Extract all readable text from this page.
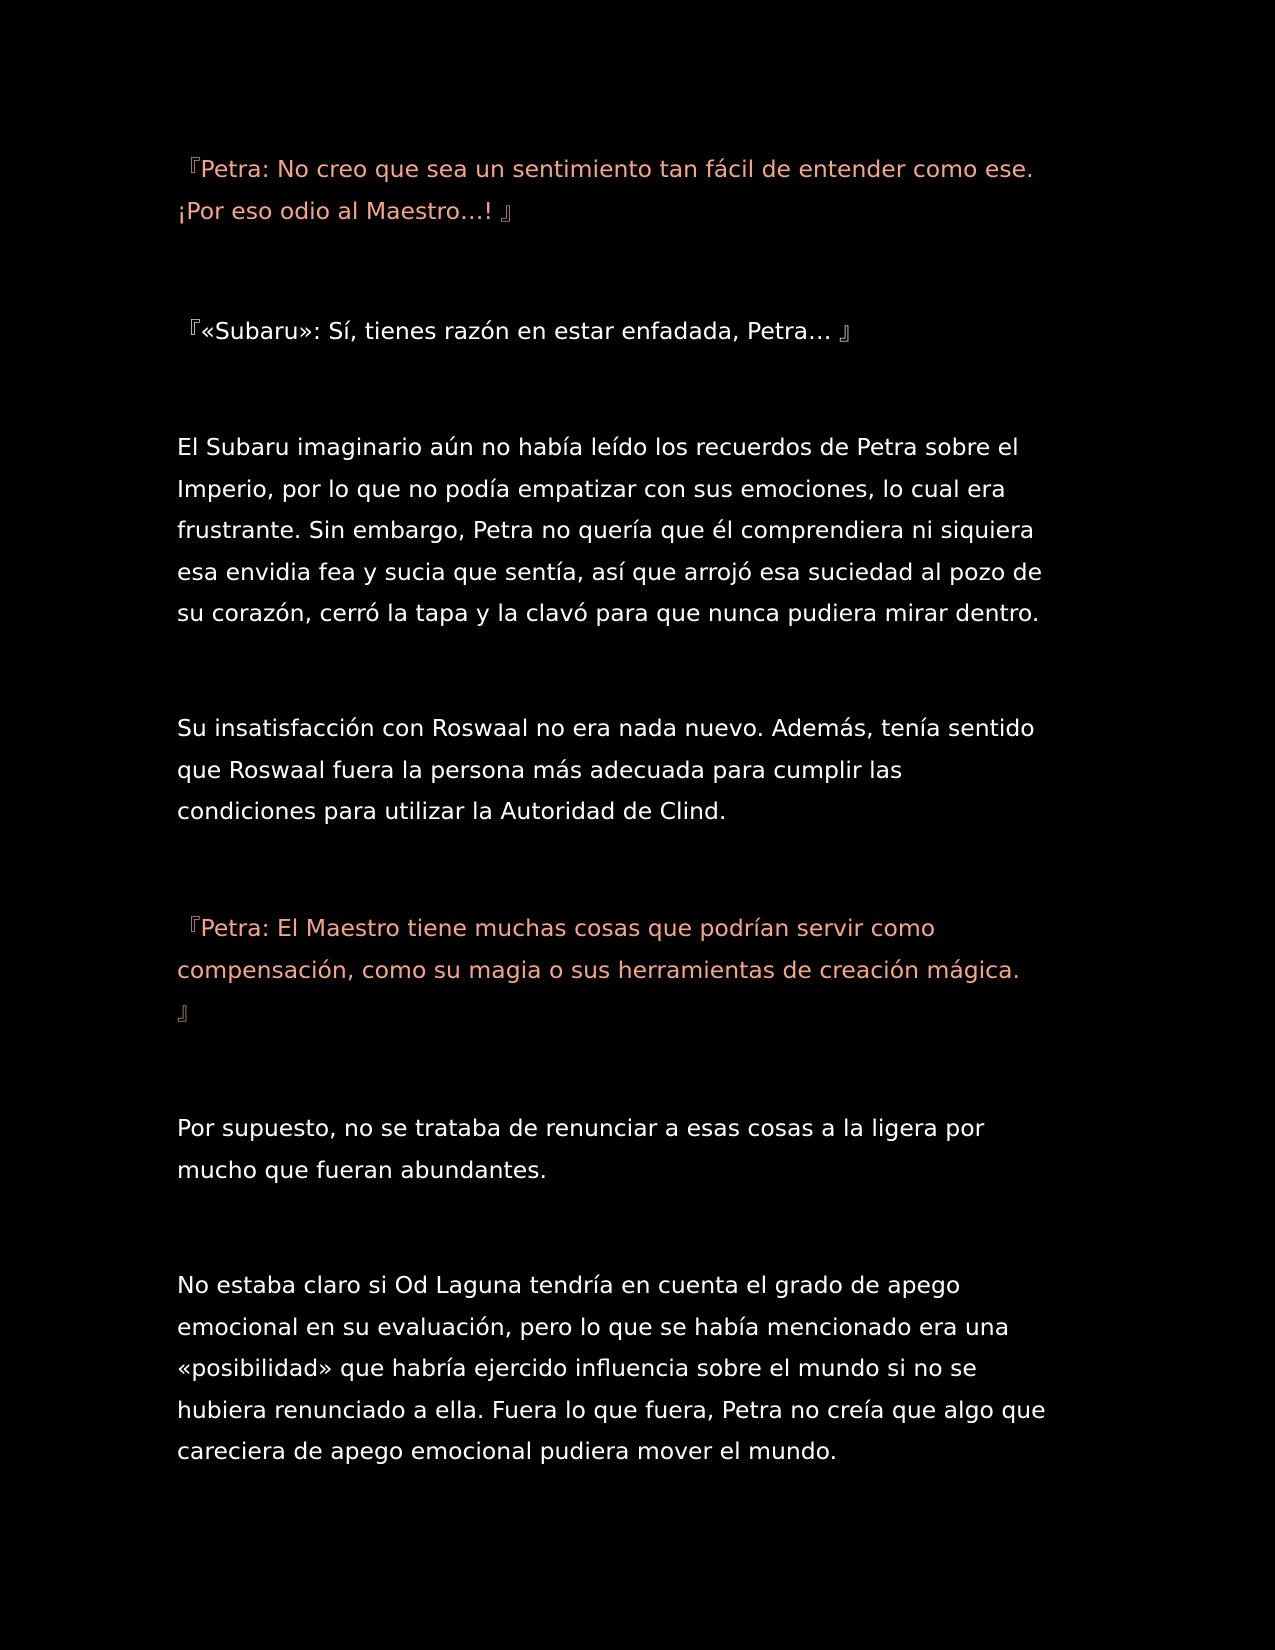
『Petra: No creo que sea un sentimiento tan fácil de entender como ese.
¡Por eso odio al Maestro…! 』

『«Subaru»: Sí, tienes razón en estar enfadada, Petra… 』

El Subaru imaginario aún no había leído los recuerdos de Petra sobre el
Imperio, por lo que no podía empatizar con sus emociones, lo cual era
frustrante. Sin embargo, Petra no quería que él comprendiera ni siquiera
esa envidia fea y sucia que sentía, así que arrojó esa suciedad al pozo de
su corazón, cerró la tapa y la clavó para que nunca pudiera mirar dentro.

Su insatisfacción con Roswaal no era nada nuevo. Además, tenía sentido
que Roswaal fuera la persona más adecuada para cumplir las
condiciones para utilizar la Autoridad de Clind.

『Petra: El Maestro tiene muchas cosas que podrían servir como
compensación, como su magia o sus herramientas de creación mágica.
』

Por supuesto, no se trataba de renunciar a esas cosas a la ligera por
mucho que fueran abundantes.

No estaba claro si Od Laguna tendría en cuenta el grado de apego
emocional en su evaluación, pero lo que se había mencionado era una
«posibilidad» que habría ejercido influencia sobre el mundo si no se
hubiera renunciado a ella. Fuera lo que fuera, Petra no creía que algo que
careciera de apego emocional pudiera mover el mundo.
